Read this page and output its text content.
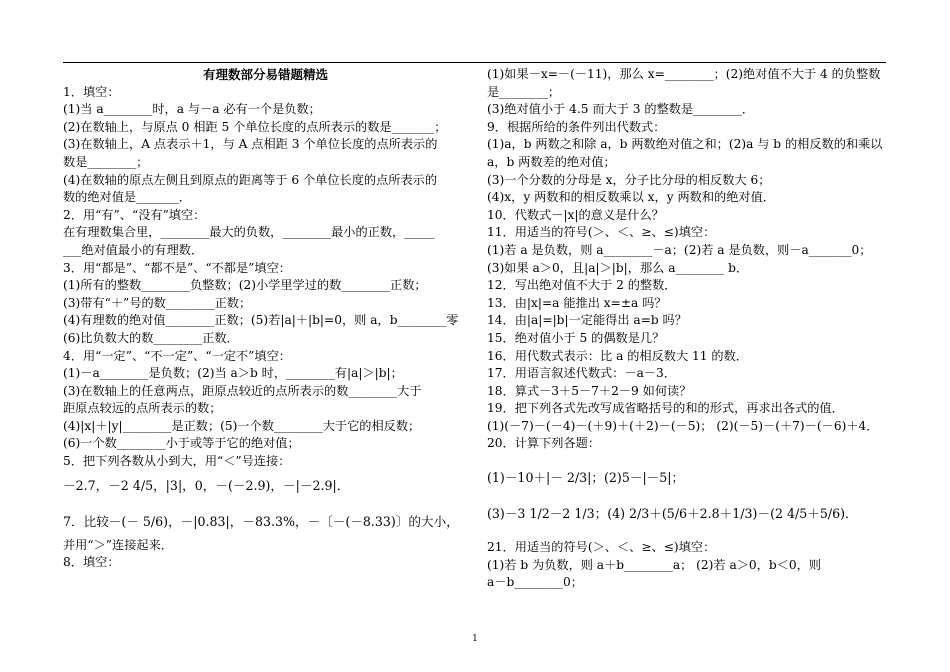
有理数部分易错题精选
1．填空：
(1)当 a________时，a 与－a 必有一个是负数；
(2)在数轴上，与原点 0 相距 5 个单位长度的点所表示的数是_______；
(3)在数轴上，A 点表示＋1，与 A 点相距 3 个单位长度的点所表示的
数是________；
(4)在数轴的原点左侧且到原点的距离等于 6 个单位长度的点所表示的
数的绝对值是_______．
2．用“有”、“没有”填空：
在有理数集合里，________最大的负数，________最小的正数，_____
___绝对值最小的有理数．
3．用“都是”、“都不是”、“不都是”填空：
(1)所有的整数________负整数；(2)小学里学过的数________正数；
(3)带有“＋”号的数________正数；
(4)有理数的绝对值________正数；(5)若|a|＋|b|=0，则 a，b________零
(6)比负数大的数________正数．
4．用“一定”、“不一定”、“一定不”填空：
(1)－a________是负数；(2)当 a＞b 时，________有|a|＞|b|；
(3)在数轴上的任意两点，距原点较近的点所表示的数________大于
距原点较远的点所表示的数；
(4)|x|＋|y|________是正数；(5)一个数________大于它的相反数；
(6)一个数________小于或等于它的绝对值；
5．把下列各数从小到大，用“＜”号连接：
－2.7，－2 4/5，|3|，0，－(－2.9)，－|－2.9|．
7．比较－(－ 5/6)，－|0.83|，－83.3%，－〔－(－8.33)〕的大小，
并用“＞”连接起来．
8．填空：
(1)如果－x=－(－11)，那么 x=________；(2)绝对值不大于 4 的负整数
是________；
(3)绝对值小于 4.5 而大于 3 的整数是________．
9．根据所给的条件列出代数式：
(1)a，b 两数之和除 a，b 两数绝对值之和；(2)a 与 b 的相反数的和乘以
a，b 两数差的绝对值；
(3)一个分数的分母是 x，分子比分母的相反数大 6；
(4)x，y 两数和的相反数乘以 x，y 两数和的绝对值．
10．代数式－|x|的意义是什么？
11．用适当的符号(＞、＜、≥、≤)填空：
(1)若 a 是负数，则 a________－a；(2)若 a 是负数，则－a_______0；
(3)如果 a＞0，且|a|＞|b|，那么 a________ b．
12．写出绝对值不大于 2 的整数．
13．由|x|=a 能推出 x=±a 吗？
14．由|a|=|b|一定能得出 a=b 吗？
15．绝对值小于 5 的偶数是几？
16．用代数式表示：比 a 的相反数大 11 的数．
17．用语言叙述代数式：－a－3．
18．算式－3＋5－7＋2－9 如何读？
19．把下列各式先改写成省略括号的和的形式，再求出各式的值．
(1)(－7)－(－4)－(＋9)＋(＋2)－(－5)； (2)(－5)－(＋7)－(－6)＋4．
20．计算下列各题：
(1)－10＋|－ 2/3|；(2)5－|－5|；
(3)－3 1/2－2 1/3；(4) 2/3＋(5/6＋2.8＋1/3)－(2 4/5＋5/6)．
21．用适当的符号(＞、＜、≥、≤)填空：
(1)若 b 为负数，则 a＋b________a； (2)若 a＞0，b＜0，则
a－b________0；
1
